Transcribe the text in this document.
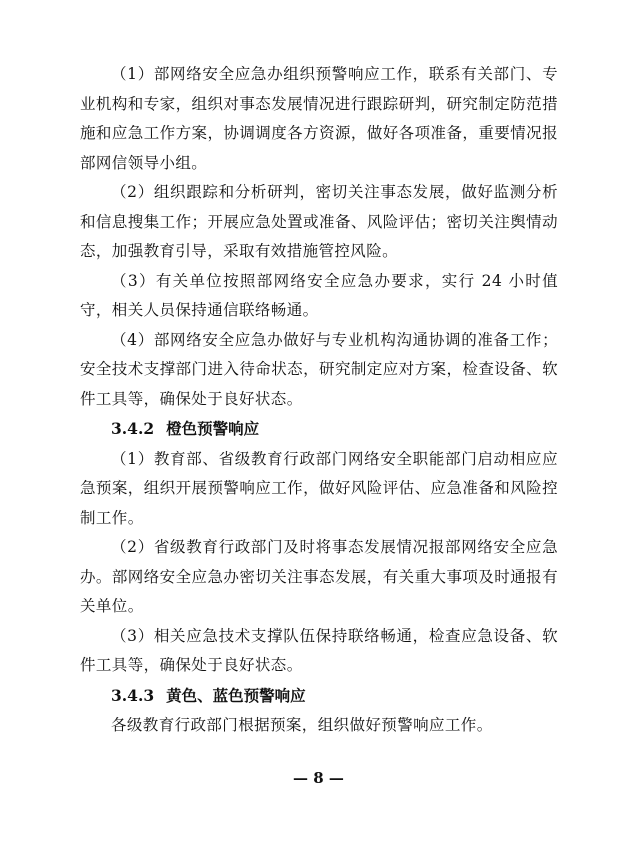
（1）部网络安全应急办组织预警响应工作，联系有关部门、专业机构和专家，组织对事态发展情况进行跟踪研判，研究制定防范措施和应急工作方案，协调调度各方资源，做好各项准备，重要情况报部网信领导小组。

（2）组织跟踪和分析研判，密切关注事态发展，做好监测分析和信息搜集工作；开展应急处置或准备、风险评估；密切关注舆情动态，加强教育引导，采取有效措施管控风险。

（3）有关单位按照部网络安全应急办要求，实行 24 小时值守，相关人员保持通信联络畅通。

（4）部网络安全应急办做好与专业机构沟通协调的准备工作；安全技术支撑部门进入待命状态，研究制定应对方案，检查设备、软件工具等，确保处于良好状态。

3.4.2 橙色预警响应

（1）教育部、省级教育行政部门网络安全职能部门启动相应应急预案，组织开展预警响应工作，做好风险评估、应急准备和风险控制工作。

（2）省级教育行政部门及时将事态发展情况报部网络安全应急办。部网络安全应急办密切关注事态发展，有关重大事项及时通报有关单位。

（3）相关应急技术支撑队伍保持联络畅通，检查应急设备、软件工具等，确保处于良好状态。

3.4.3 黄色、蓝色预警响应

各级教育行政部门根据预案，组织做好预警响应工作。

— 8 —
